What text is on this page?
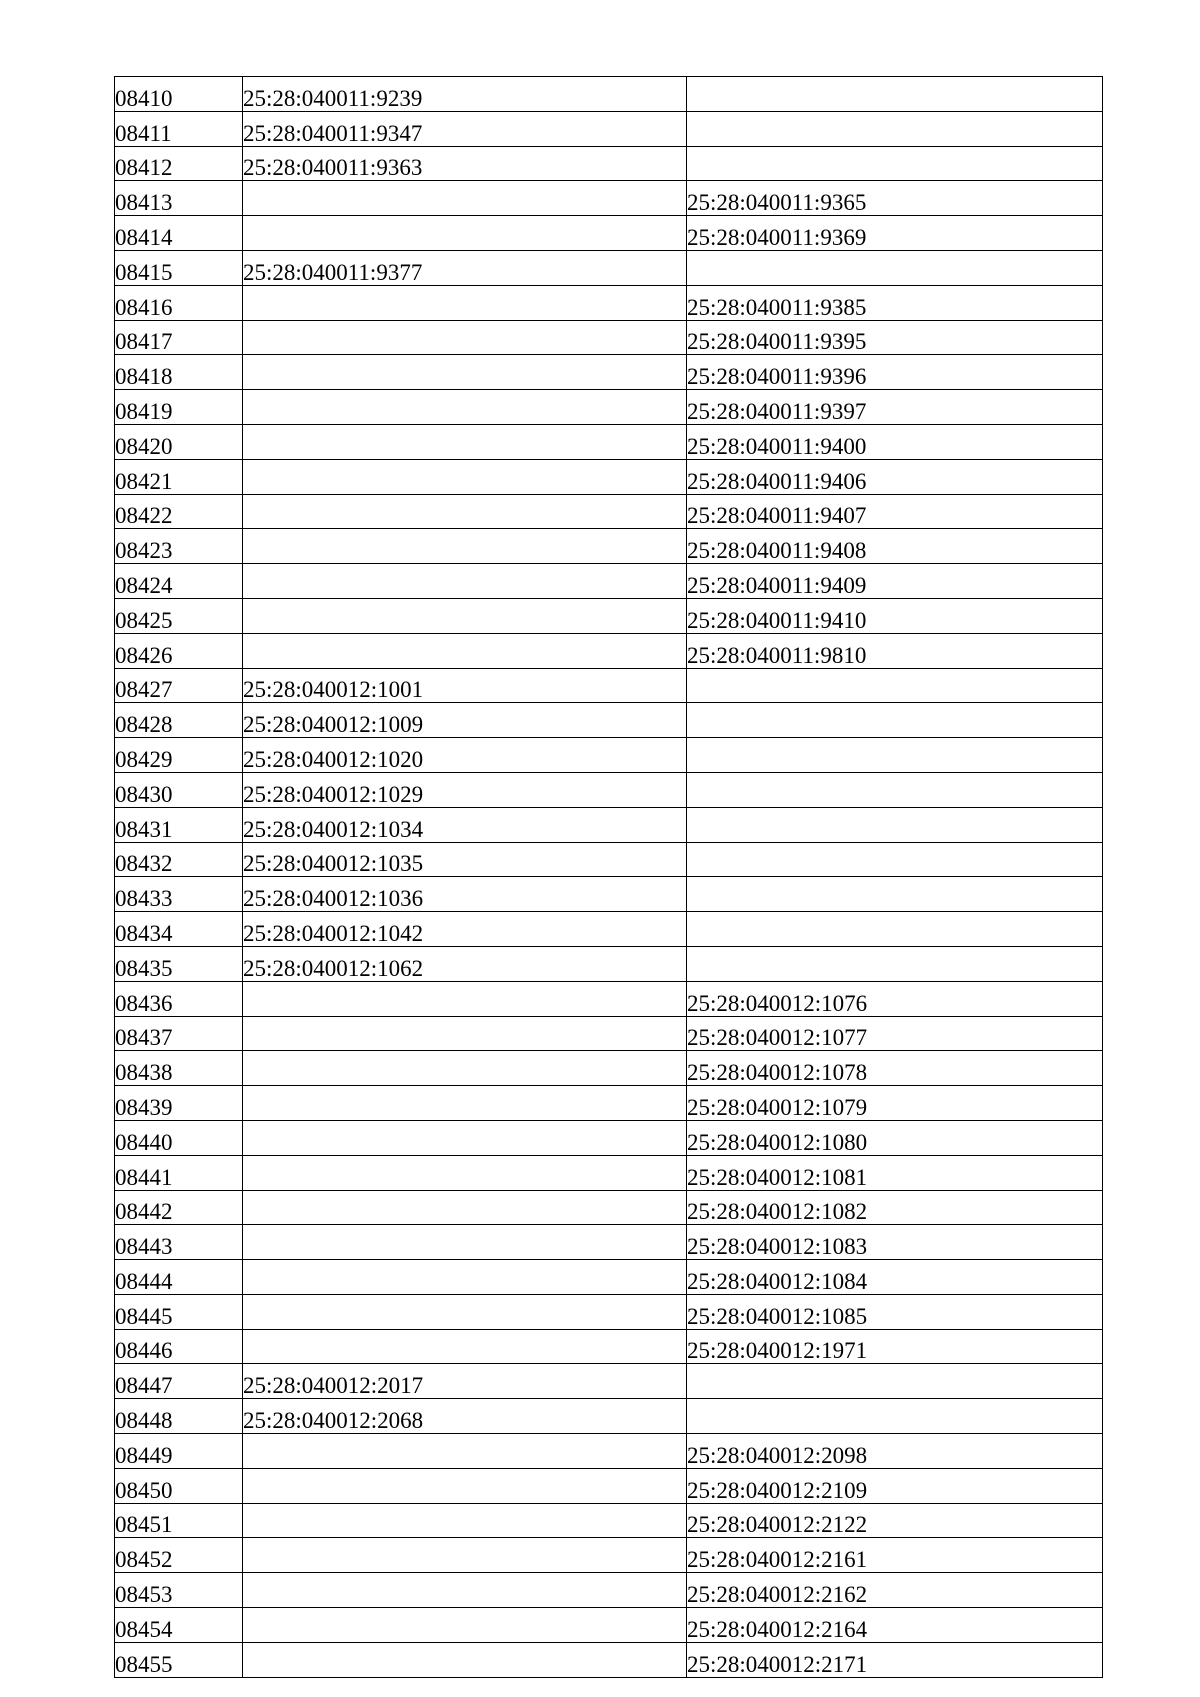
08410	25:28:040011:9239	
08411	25:28:040011:9347	
08412	25:28:040011:9363	
08413		25:28:040011:9365
08414		25:28:040011:9369
08415	25:28:040011:9377	
08416		25:28:040011:9385
08417		25:28:040011:9395
08418		25:28:040011:9396
08419		25:28:040011:9397
08420		25:28:040011:9400
08421		25:28:040011:9406
08422		25:28:040011:9407
08423		25:28:040011:9408
08424		25:28:040011:9409
08425		25:28:040011:9410
08426		25:28:040011:9810
08427	25:28:040012:1001	
08428	25:28:040012:1009	
08429	25:28:040012:1020	
08430	25:28:040012:1029	
08431	25:28:040012:1034	
08432	25:28:040012:1035	
08433	25:28:040012:1036	
08434	25:28:040012:1042	
08435	25:28:040012:1062	
08436		25:28:040012:1076
08437		25:28:040012:1077
08438		25:28:040012:1078
08439		25:28:040012:1079
08440		25:28:040012:1080
08441		25:28:040012:1081
08442		25:28:040012:1082
08443		25:28:040012:1083
08444		25:28:040012:1084
08445		25:28:040012:1085
08446		25:28:040012:1971
08447	25:28:040012:2017	
08448	25:28:040012:2068	
08449		25:28:040012:2098
08450		25:28:040012:2109
08451		25:28:040012:2122
08452		25:28:040012:2161
08453		25:28:040012:2162
08454		25:28:040012:2164
08455		25:28:040012:2171
